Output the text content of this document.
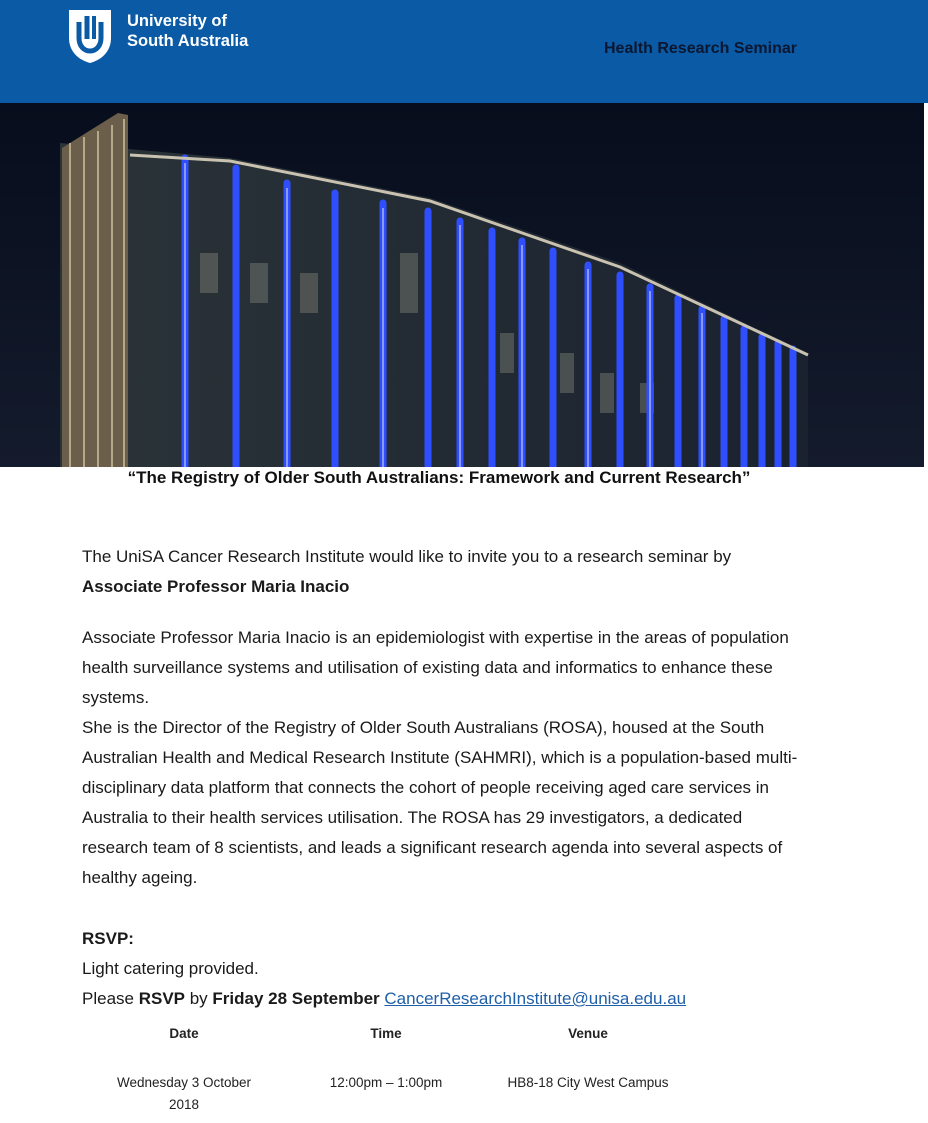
University of
South Australia	Health Research Seminar
“The Registry of Older South Australians: Framework and Current Research”

The UniSA Cancer Research Institute would like to invite you to a research seminar by

Associate Professor Maria Inacio

Associate Professor Maria Inacio is an epidemiologist with expertise in the areas of population health surveillance systems and utilisation of existing data and informatics to enhance these systems.

She is the Director of the Registry of Older South Australians (ROSA), housed at the South Australian Health and Medical Research Institute (SAHMRI), which is a population-based multi-disciplinary data platform that connects the cohort of people receiving aged care services in Australia to their health services utilisation. The ROSA has 29 investigators, a dedicated research team of 8 scientists, and leads a significant research agenda into several aspects of healthy ageing.

RSVP:

Light catering provided.

Please RSVP by Friday 28 September CancerResearchInstitute@unisa.edu.au

Date	Time	Venue
Wednesday 3 October
2018
12:00pm – 1:00pm	HB8-18 City West Campus
